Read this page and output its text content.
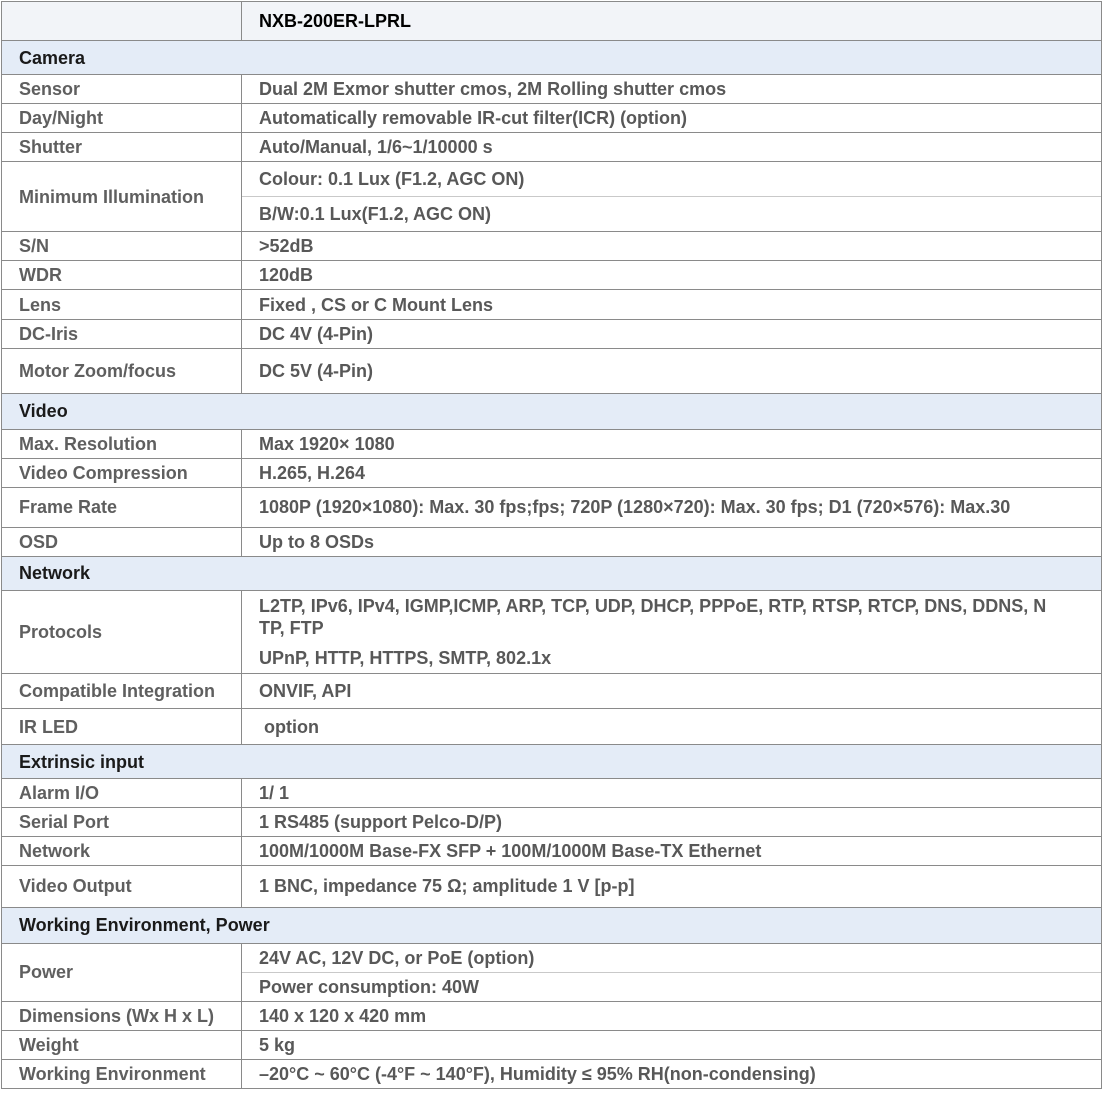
	NXB-200ER-LPRL
Camera	
Sensor	Dual 2M Exmor shutter cmos, 2M Rolling shutter cmos
Day/Night	Automatically removable IR-cut filter(ICR) (option)
Shutter	Auto/Manual, 1/6~1/10000 s
Minimum Illumination	Colour: 0.1 Lux (F1.2, AGC ON)
B/W:0.1 Lux(F1.2, AGC ON)

S/N	>52dB
WDR	120dB
Lens	Fixed , CS or C Mount Lens
DC-Iris	DC 4V (4-Pin)
Motor Zoom/focus	DC 5V (4-Pin)
Video	
Max. Resolution	Max 1920× 1080
Video Compression	H.265, H.264
Frame Rate	1080P (1920×1080): Max. 30 fps;fps; 720P (1280×720): Max. 30 fps; D1 (720×576): Max.30
OSD	Up to 8 OSDs
Network	
Protocols	L2TP, IPv6, IPv4, IGMP,ICMP, ARP, TCP, UDP, DHCP, PPPoE, RTP, RTSP, RTCP, DNS, DDNS, N
TP, FTP
UPnP, HTTP, HTTPS, SMTP, 802.1x

Compatible Integration	ONVIF, API
IR LED	option
Extrinsic input	
Alarm I/O	1/ 1
Serial Port	1 RS485 (support Pelco-D/P)
Network	100M/1000M Base-FX SFP + 100M/1000M Base-TX Ethernet
Video Output	1 BNC, impedance 75 Ω; amplitude 1 V [p-p]
Working Environment, Power	
Power	24V AC, 12V DC, or PoE (option)
Power consumption: 40W

Dimensions (Wx H x L)	140 x 120 x 420 mm
Weight	5 kg
Working Environment	–20°C ~ 60°C (-4°F ~ 140°F), Humidity ≤ 95% RH(non-condensing)
